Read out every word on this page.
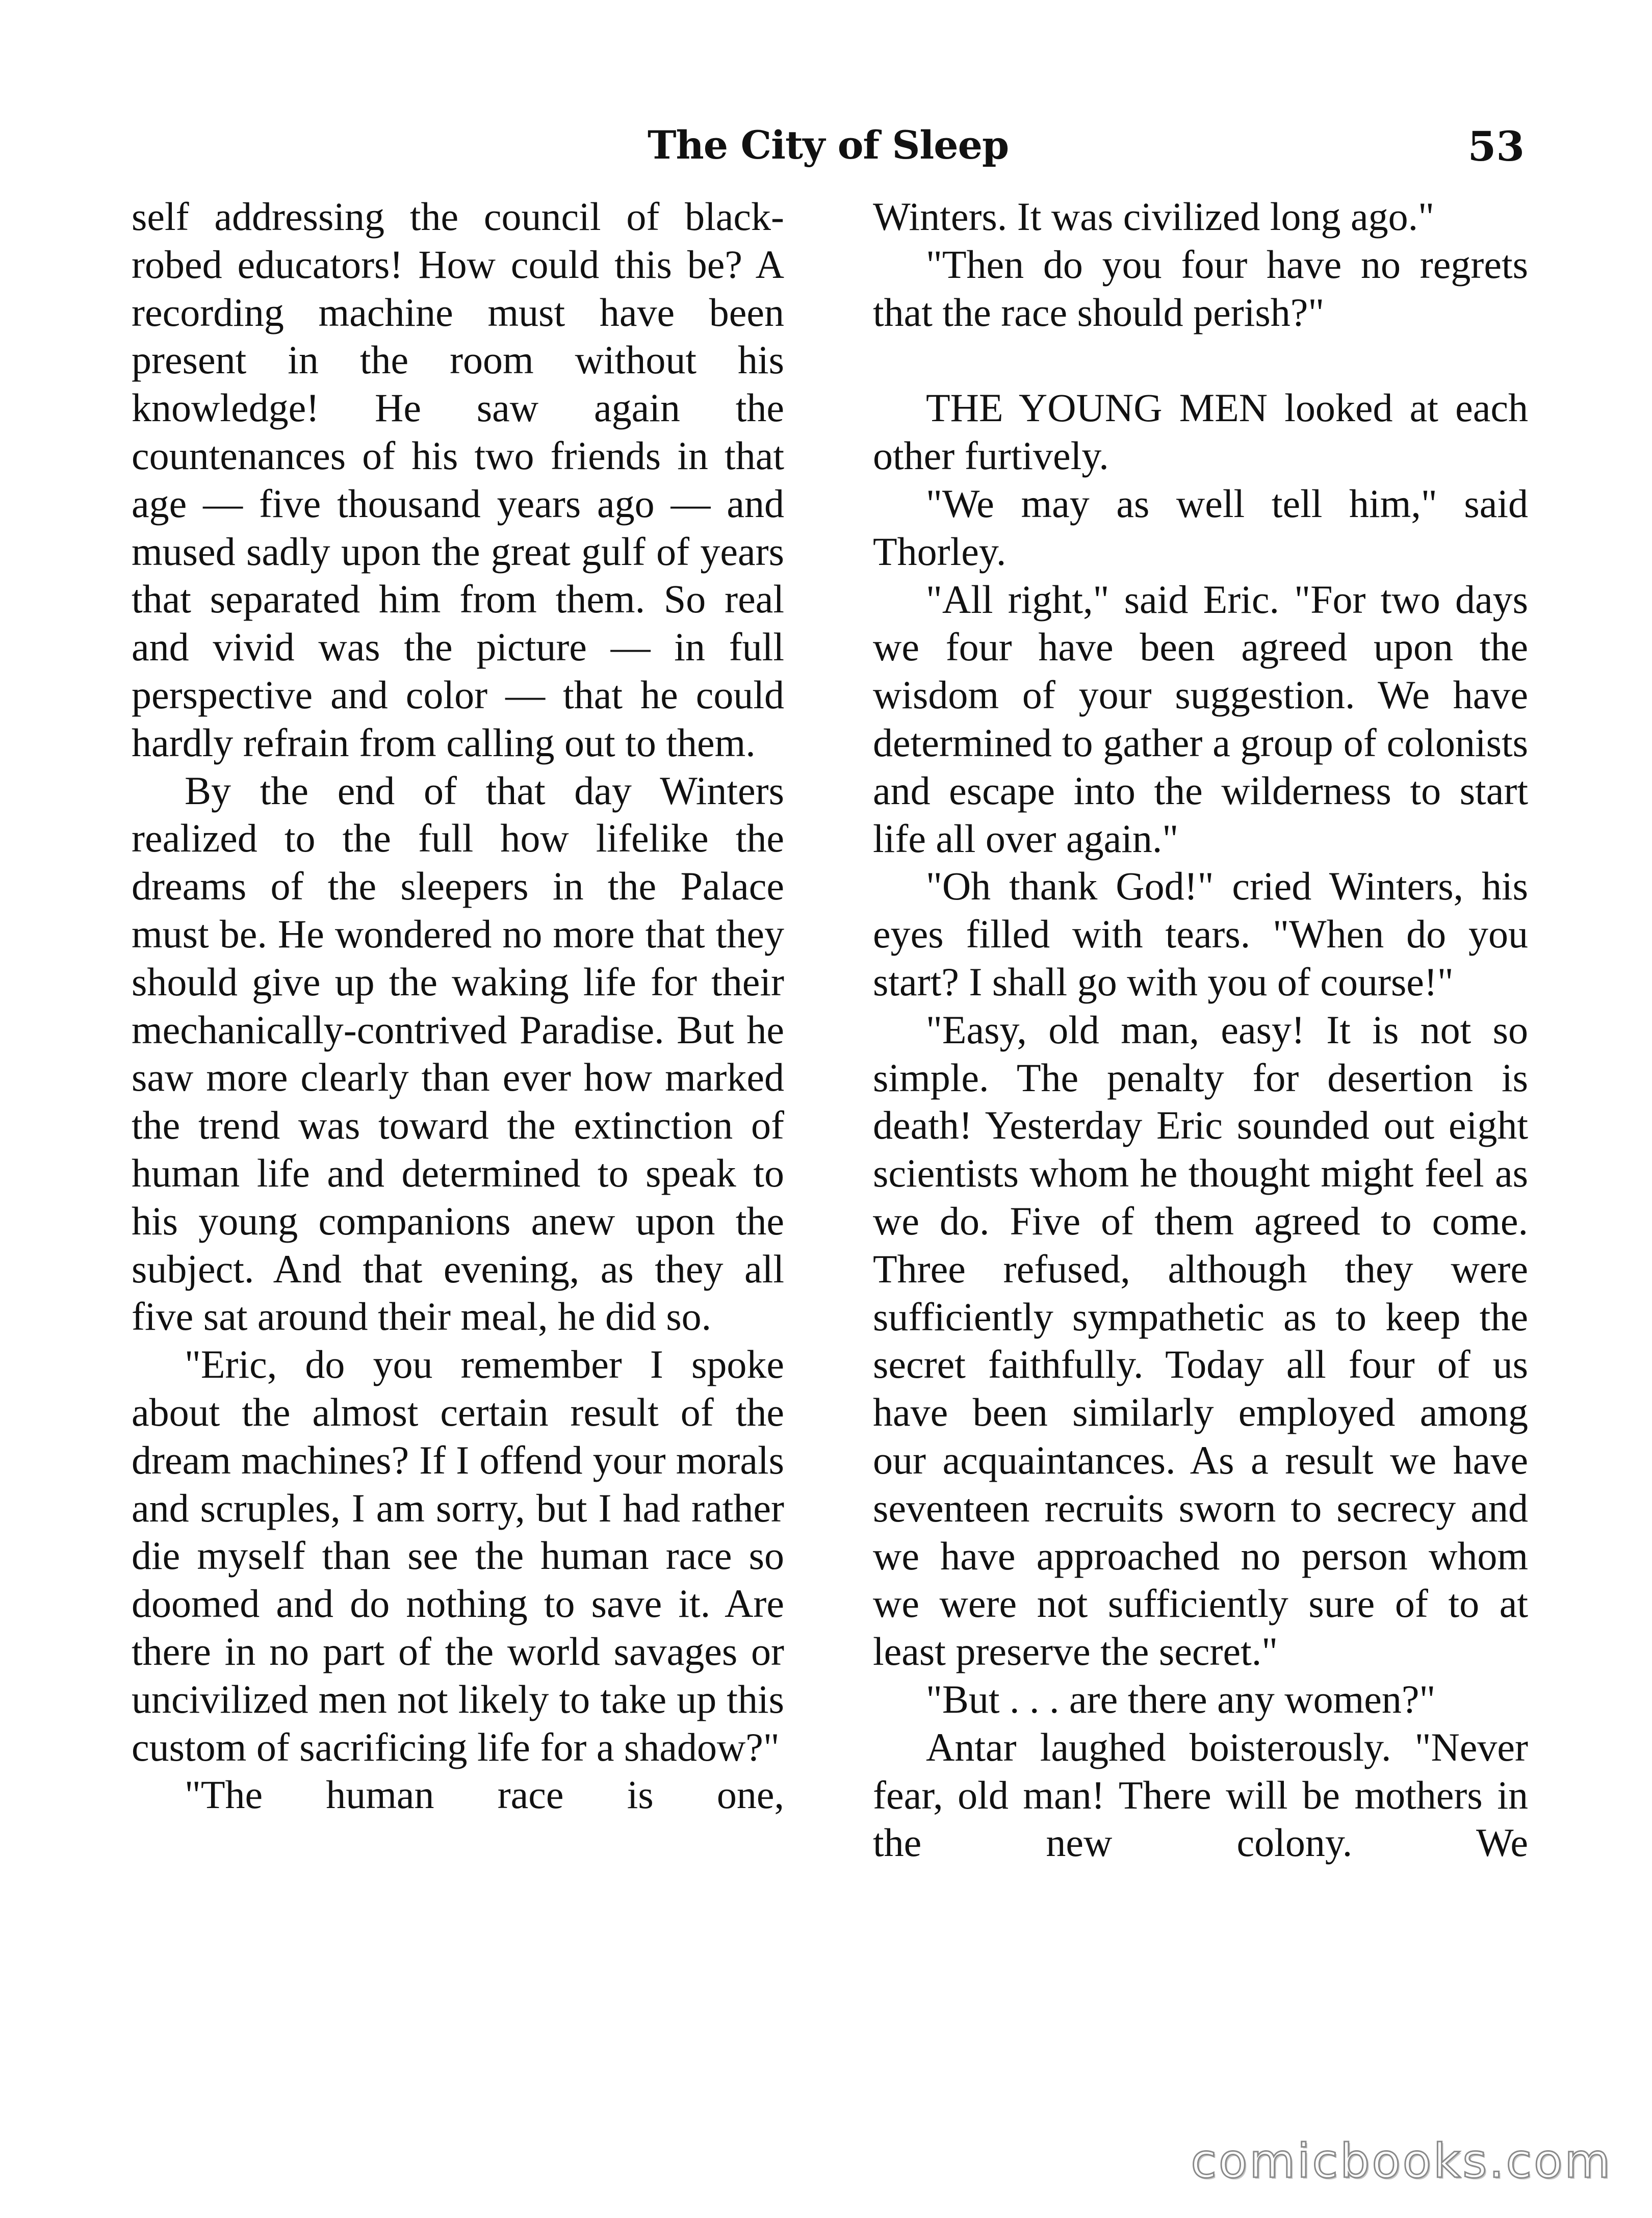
The City of Sleep	53

self addressing the council of black-robed educators! How could this be? A recording machine must have been present in the room without his knowledge! He saw again the countenances of his two friends in that age — five thousand years ago — and mused sadly upon the great gulf of years that separated him from them. So real and vivid was the picture — in full perspective and color — that he could hardly refrain from calling out to them.

By the end of that day Winters realized to the full how lifelike the dreams of the sleepers in the Palace must be. He wondered no more that they should give up the waking life for their mechanically-contrived Paradise. But he saw more clearly than ever how marked the trend was toward the extinction of human life and determined to speak to his young companions anew upon the subject. And that evening, as they all five sat around their meal, he did so.

"Eric, do you remember I spoke about the almost certain result of the dream machines? If I offend your morals and scruples, I am sorry, but I had rather die myself than see the human race so doomed and do nothing to save it. Are there in no part of the world savages or uncivilized men not likely to take up this custom of sacrificing life for a shadow?"

"The human race is one,

Winters. It was civilized long ago."

"Then do you four have no regrets that the race should perish?"

THE YOUNG MEN looked at each other furtively.

"We may as well tell him," said Thorley.

"All right," said Eric. "For two days we four have been agreed upon the wisdom of your suggestion. We have determined to gather a group of colonists and escape into the wilderness to start life all over again."

"Oh thank God!" cried Winters, his eyes filled with tears. "When do you start? I shall go with you of course!"

"Easy, old man, easy! It is not so simple. The penalty for desertion is death! Yesterday Eric sounded out eight scientists whom he thought might feel as we do. Five of them agreed to come. Three refused, although they were sufficiently sympathetic as to keep the secret faithfully. Today all four of us have been similarly employed among our acquaintances. As a result we have seventeen recruits sworn to secrecy and we have approached no person whom we were not sufficiently sure of to at least preserve the secret."

"But . . . are there any women?"

Antar laughed boisterously. "Never fear, old man! There will be mothers in the new colony. We

comicbooks.com
